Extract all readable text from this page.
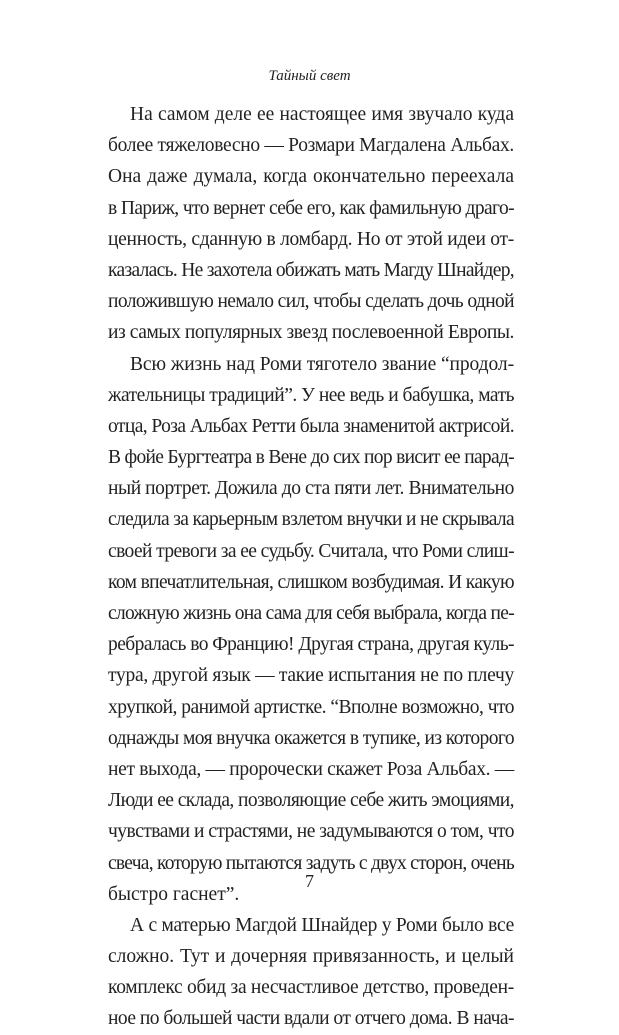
Тайный свет
На самом деле ее настоящее имя звучало куда
более тяжеловесно — Розмари Магдалена Альбах.
Она даже думала, когда окончательно переехала
в Париж, что вернет себе его, как фамильную драго-
ценность, сданную в ломбард. Но от этой идеи от-
казалась. Не захотела обижать мать Магду Шнайдер,
положившую немало сил, чтобы сделать дочь одной
из самых популярных звезд послевоенной Европы.
Всю жизнь над Роми тяготело звание “продол-
жательницы традиций”. У нее ведь и бабушка, мать
отца, Роза Альбах Ретти была знаменитой актрисой.
В фойе Бургтеатра в Вене до сих пор висит ее парад-
ный портрет. Дожила до ста пяти лет. Внимательно
следила за карьерным взлетом внучки и не скрывала
своей тревоги за ее судьбу. Считала, что Роми слиш-
ком впечатлительная, слишком возбудимая. И какую
сложную жизнь она сама для себя выбрала, когда пе-
ребралась во Францию! Другая страна, другая куль-
тура, другой язык — такие испытания не по плечу
хрупкой, ранимой артистке. “Вполне возможно, что
однажды моя внучка окажется в тупике, из которого
нет выхода, — пророчески скажет Роза Альбах. —
Люди ее склада, позволяющие себе жить эмоциями,
чувствами и страстями, не задумываются о том, что
свеча, которую пытаются задуть с двух сторон, очень
быстро гаснет”.
А с матерью Магдой Шнайдер у Роми было все
сложно. Тут и дочерняя привязанность, и целый
комплекс обид за несчастливое детство, проведен-
ное по большей части вдали от отчего дома. В нача-
7
